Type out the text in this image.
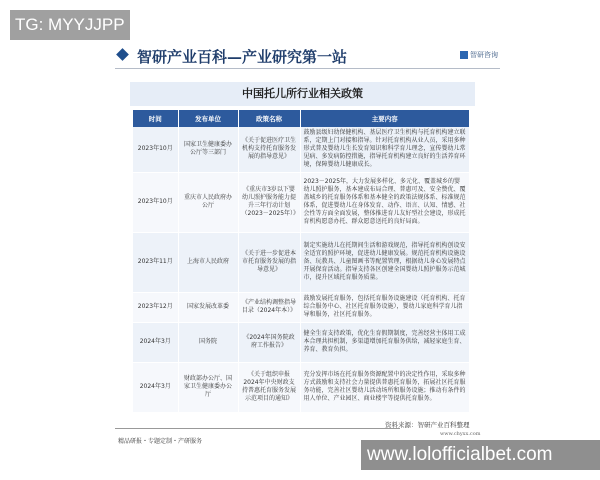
TG: MYYJJPP
智研产业百科—产业研究第一站	智研咨询
中国托儿所行业相关政策
时间	发布单位	政策名称	主要内容
2023年10月	国家卫生健康委办公厅等三部门	《关于促进医疗卫生机构支持托育服务发展的指导意见》	鼓励县级妇幼保健机构、基层医疗卫生机构与托育机构建立联系，定期上门对接和指导。针对托育机构从业人员，采用多种形式普及婴幼儿生长发育知识和科学育儿理念，宣传婴幼儿常见病、多发病防控措施，指导托育机构建立良好的生活养育环境，保障婴幼儿健康成长。
2023年10月	重庆市人民政府办公厅	《重庆市3岁以下婴幼儿照护服务能力提升三年行动计划（2023－2025年）》	2023－2025年，大力发展多样化、多元化、覆盖城乡的婴幼儿照护服务，基本建成布局合理、普惠可及、安全赞优、覆盖城乡的托育服务体系和基本健全的政策法规体系、标准规范体系，促进婴幼儿在身体发育、动作、语言、认知、情感、社会性等方面全面发展，整体推进育儿友好型社会建设，形成托育机构愿意办托、群众愿意送托的良好局面。
2023年11月	上海市人民政府	《关于进一步促进本市托育服务发展的指导意见》	制定实施幼儿在托期间生活和游戏规范，指导托育机构创设安全适宜的照护环境，促进幼儿健康发展。规范托育机构设施设备、玩教具、儿童图画书等配置管理，根据幼儿身心发展特点开展保育活动。指导支持各区创建全国婴幼儿照护服务示范城市，提升区域托育服务质量。
2023年12月	国家发展改革委	《产业结构调整指导目录（2024年本）》	鼓励发展托育服务，包括托育服务设施建设（托育机构、托育综合服务中心、社区托育服务设施），婴幼儿家庭科学育儿指导和服务，社区托育服务。
2024年3月	国务院	《2024年国务院政府工作报告》	健全生育支持政策，优化生育假期制度，完善经营主体用工成本合理共担机制，多渠道增加托育服务供给，减轻家庭生育、养育、教育负担。
2024年3月	财政部办公厅、国家卫生健康委办公厅	《关于组织申报2024年中央财政支持普惠托育服务发展示范项目的通知》	充分发挥市场在托育服务资源配置中的决定性作用，采取多种方式鼓励和支持社会力量提供普惠托育服务，拓展社区托育服务功能，完善社区婴幼儿活动场所和服务设施；推动有条件的用人单位、产业园区、商业楼宇等提供托育服务。
精品研报・专题定制・产研服务
资料来源：智研产业百科整理
www.chyxx.com
www.lolofficialbet.com
